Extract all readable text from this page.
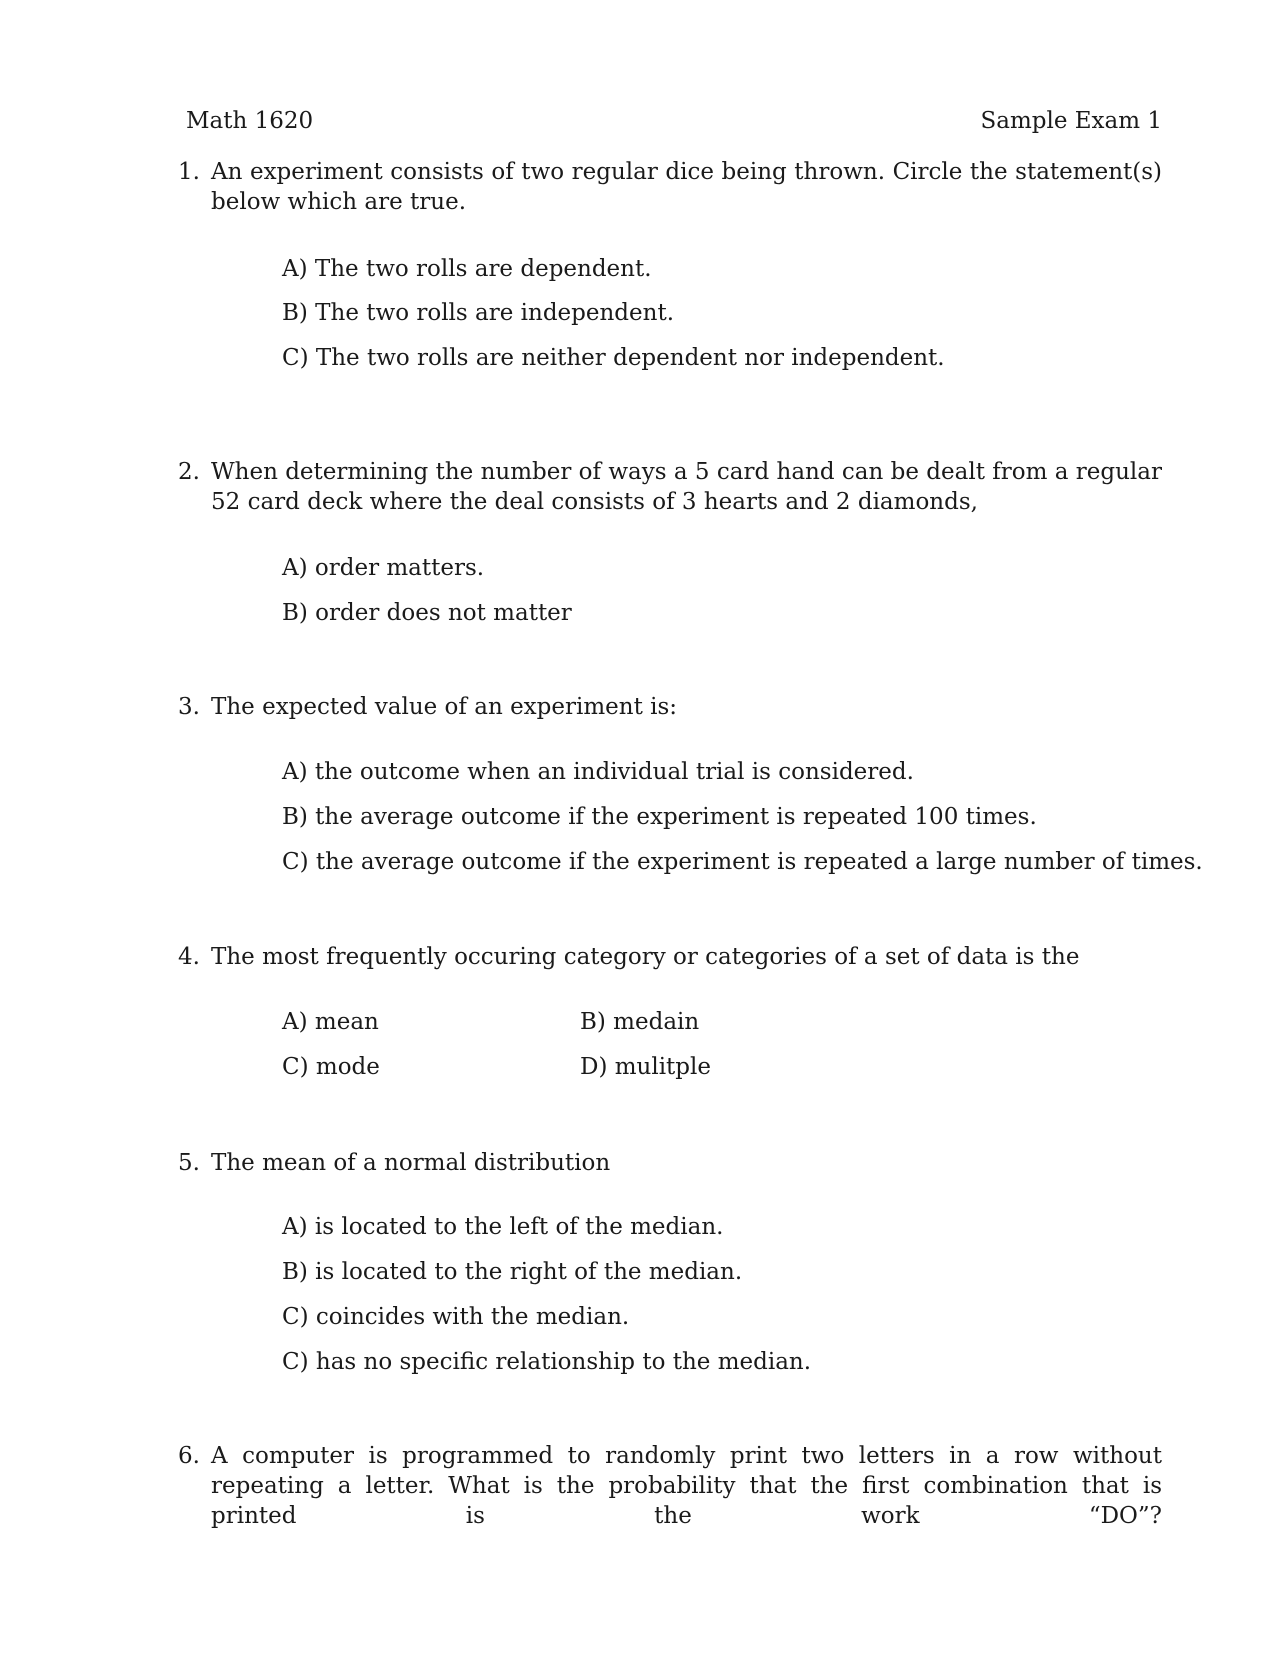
Math 1620	Sample Exam 1
1. An experiment consists of two regular dice being thrown. Circle the statement(s) below which are true.
A) The two rolls are dependent.
B) The two rolls are independent.
C) The two rolls are neither dependent nor independent.
2. When determining the number of ways a 5 card hand can be dealt from a regular 52 card deck where the deal consists of 3 hearts and 2 diamonds,
A) order matters.
B) order does not matter
3. The expected value of an experiment is:
A) the outcome when an individual trial is considered.
B) the average outcome if the experiment is repeated 100 times.
C) the average outcome if the experiment is repeated a large number of times.
4. The most frequently occuring category or categories of a set of data is the
A) mean	B) medain
C) mode	D) mulitple
5. The mean of a normal distribution
A) is located to the left of the median.
B) is located to the right of the median.
C) coincides with the median.
C) has no specific relationship to the median.
6. A computer is programmed to randomly print two letters in a row without repeating a letter. What is the probability that the first combination that is printed is the work “DO”?
